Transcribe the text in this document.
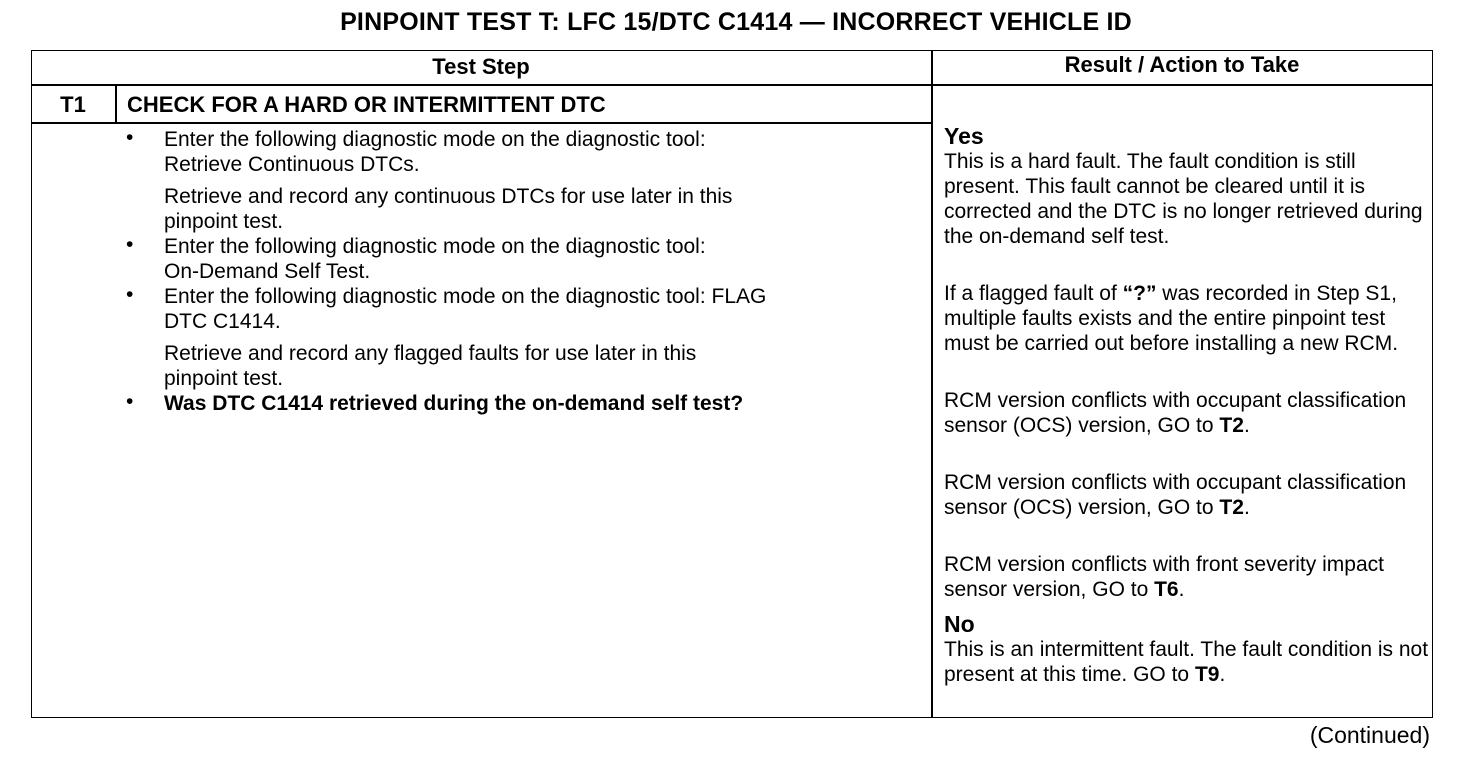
PINPOINT TEST T: LFC 15/DTC C1414 — INCORRECT VEHICLE ID
Test Step	Result / Action to Take
T1	CHECK FOR A HARD OR INTERMITTENT DTC
• Enter the following diagnostic mode on the diagnostic tool:
Retrieve Continuous DTCs.
Retrieve and record any continuous DTCs for use later in this
pinpoint test.
• Enter the following diagnostic mode on the diagnostic tool:
On-Demand Self Test.
• Enter the following diagnostic mode on the diagnostic tool: FLAG
DTC C1414.
Retrieve and record any flagged faults for use later in this
pinpoint test.
• Was DTC C1414 retrieved during the on-demand self test?
Yes
This is a hard fault. The fault condition is still present. This fault cannot be cleared until it is corrected and the DTC is no longer retrieved during the on-demand self test.
If a flagged fault of “?” was recorded in Step S1, multiple faults exists and the entire pinpoint test must be carried out before installing a new RCM.
RCM version conflicts with occupant classification sensor (OCS) version, GO to T2.
RCM version conflicts with occupant classification sensor (OCS) version, GO to T2.
RCM version conflicts with front severity impact sensor version, GO to T6.
No
This is an intermittent fault. The fault condition is not present at this time. GO to T9.
(Continued)
